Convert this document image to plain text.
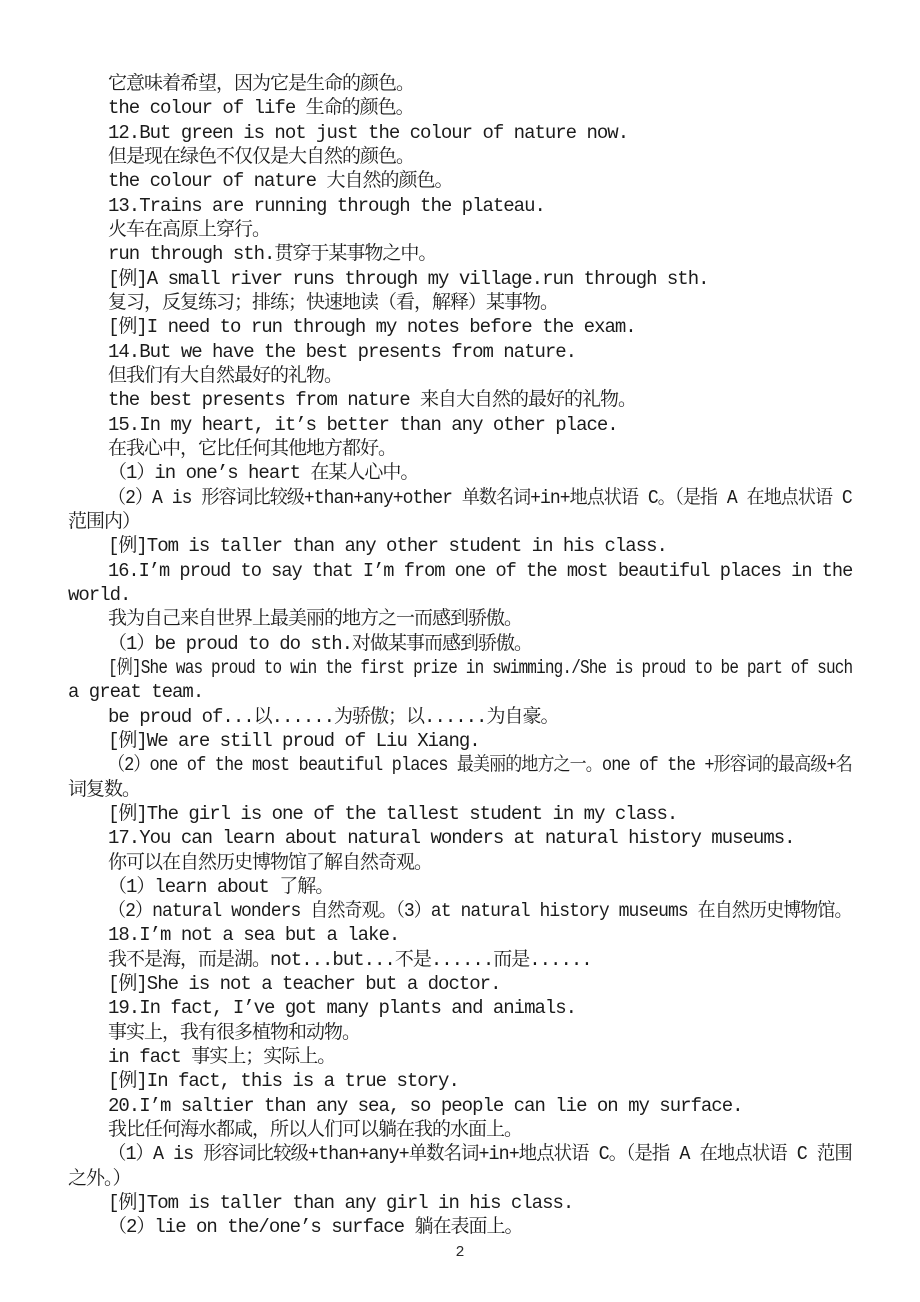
它意味着希望，因为它是生命的颜色。
the colour of life 生命的颜色。
12.But green is not just the colour of nature now.
但是现在绿色不仅仅是大自然的颜色。
the colour of nature 大自然的颜色。
13.Trains are running through the plateau.
火车在高原上穿行。
run through sth.贯穿于某事物之中。
[例]A small river runs through my village.run through sth.
复习，反复练习；排练；快速地读（看，解释）某事物。
[例]I need to run through my notes before the exam.
14.But we have the best presents from nature.
但我们有大自然最好的礼物。
the best presents from nature 来自大自然的最好的礼物。
15.In my heart, it’s better than any other place.
在我心中，它比任何其他地方都好。
（1）in one’s heart 在某人心中。
（2）A is 形容词比较级+than+any+other 单数名词+in+地点状语 C。（是指 A 在地点状语 C
范围内）
[例]Tom is taller than any other student in his class.
16.I’m proud to say that I’m from one of the most beautiful places in the
world.
我为自己来自世界上最美丽的地方之一而感到骄傲。
（1）be proud to do sth.对做某事而感到骄傲。
[例]She was proud to win the first prize in swimming./She is proud to be part of such
a great team.
be proud of...以......为骄傲；以......为自豪。
[例]We are still proud of Liu Xiang.
（2）one of the most beautiful places 最美丽的地方之一。one of the +形容词的最高级+名
词复数。
[例]The girl is one of the tallest student in my class.
17.You can learn about natural wonders at natural history museums.
你可以在自然历史博物馆了解自然奇观。
（1）learn about 了解。
（2）natural wonders 自然奇观。（3）at natural history museums 在自然历史博物馆。
18.I’m not a sea but a lake.
我不是海，而是湖。not...but...不是......而是......
[例]She is not a teacher but a doctor.
19.In fact, I’ve got many plants and animals.
事实上，我有很多植物和动物。
in fact 事实上；实际上。
[例]In fact, this is a true story.
20.I’m saltier than any sea, so people can lie on my surface.
我比任何海水都咸，所以人们可以躺在我的水面上。
（1）A is 形容词比较级+than+any+单数名词+in+地点状语 C。（是指 A 在地点状语 C 范围
之外。）
[例]Tom is taller than any girl in his class.
（2）lie on the/one’s surface 躺在表面上。
2
